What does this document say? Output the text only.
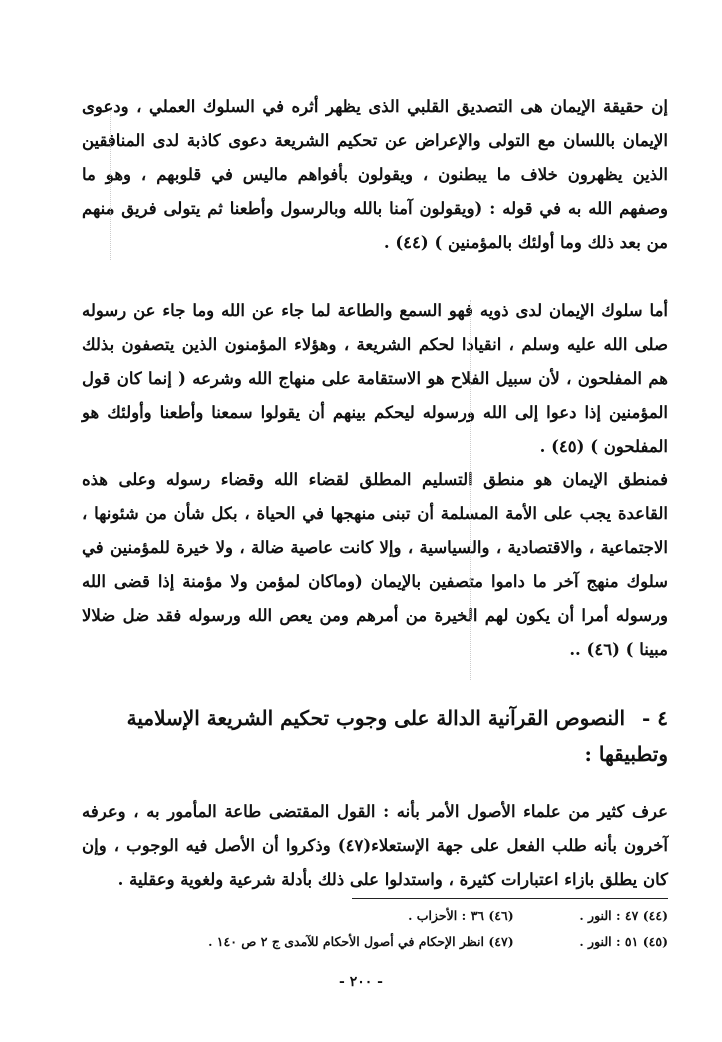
إن حقيقة الإيمان هى التصديق القلبي الذى يظهر أثره في السلوك العملي ، ودعوى الإيمان باللسان مع التولى والإعراض عن تحكيم الشريعة دعوى كاذبة لدى المنافقين الذين يظهرون خلاف ما يبطنون ، ويقولون بأفواهم ماليس في قلوبهم ، وهو ما وصفهم الله به في قوله : (ويقولون آمنا بالله وبالرسول وأطعنا ثم يتولى فريق منهم من بعد ذلك وما أولئك بالمؤمنين ) (٤٤) .

أما سلوك الإيمان لدى ذويه فهو السمع والطاعة لما جاء عن الله وما جاء عن رسوله صلى الله عليه وسلم ، انقيادا لحكم الشريعة ، وهؤلاء المؤمنون الذين يتصفون بذلك هم المفلحون ، لأن سبيل الفلاح هو الاستقامة على منهاج الله وشرعه ( إنما كان قول المؤمنين إذا دعوا إلى الله ورسوله ليحكم بينهم أن يقولوا سمعنا وأطعنا وأولئك هو المفلحون ) (٤٥) .

فمنطق الإيمان هو منطق التسليم المطلق لقضاء الله وقضاء رسوله وعلى هذه القاعدة يجب على الأمة المسلمة أن تبنى منهجها في الحياة ، بكل شأن من شئونها ، الاجتماعية ، والاقتصادية ، والسياسية ، وإلا كانت عاصية ضالة ، ولا خيرة للمؤمنين في سلوك منهج آخر ما داموا متصفين بالإيمان (وماكان لمؤمن ولا مؤمنة إذا قضى الله ورسوله أمرا أن يكون لهم الخيرة من أمرهم ومن يعص الله ورسوله فقد ضل ضلالا مبينا ) (٤٦) ..

٤ - النصوص القرآنية الدالة على وجوب تحكيم الشريعة الإسلامية وتطبيقها :

عرف كثير من علماء الأصول الأمر بأنه : القول المقتضى طاعة المأمور به ، وعرفه آخرون بأنه طلب الفعل على جهة الإستعلاء(٤٧) وذكروا أن الأصل فيه الوجوب ، وإن كان يطلق بازاء اعتبارات كثيرة ، واستدلوا على ذلك بأدلة شرعية ولغوية وعقلية .

(٤٤) ٤٧ : النور . (٤٦) ٣٦ : الأحزاب .
(٤٥) ٥١ : النور . (٤٧) انظر الإحكام في أصول الأحكام للآمدى ج ٢ ص ١٤٠ .
- ٢٠٠ -
